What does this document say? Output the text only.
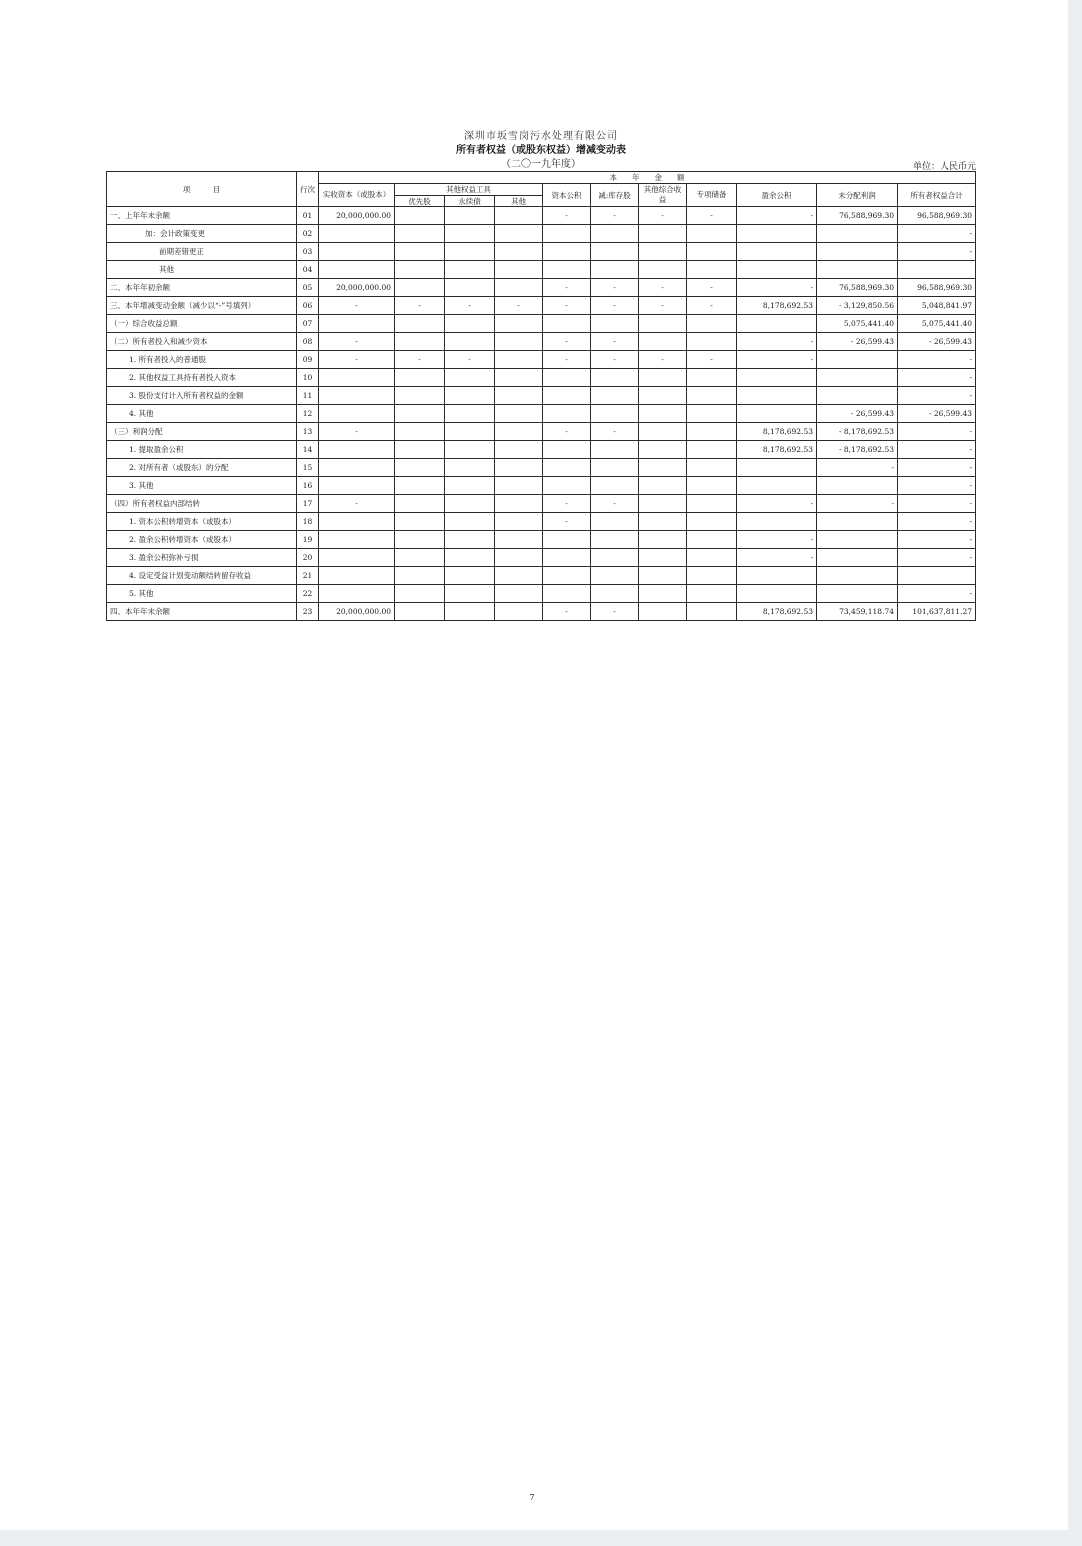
深圳市坂雪岗污水处理有限公司
所有者权益（或股东权益）增减变动表
（二〇一九年度）	单位：人民币元
项　　　目	行次	本　　年　　金　　额										
		实收资本（或股本）	其他权益工具			资本公积	减:库存股	其他综合收益	专项储备	盈余公积	未分配利润	所有者权益合计
			优先股	永续债	其他							
一、上年年末余额	01	20,000,000.00				-	-	-	-	-	76,588,969.30	96,588,969.30
加：会计政策变更	02											-
前期差错更正	03											-
其他	04											
二、本年年初余额	05	20,000,000.00				-	-	-	-	-	76,588,969.30	96,588,969.30
三、本年增减变动金额（减少以“-”号填列）	06	-	-	-	-	-	-	-	-	8,178,692.53	- 3,129,850.56	5,048,841.97
（一）综合收益总额	07										5,075,441.40	5,075,441.40
（二）所有者投入和减少资本	08	-				-	-			-	- 26,599.43	- 26,599.43
1. 所有者投入的普通股	09	-	-	-		-	-	-	-	-		-
2. 其他权益工具持有者投入资本	10											-
3. 股份支付计入所有者权益的金额	11											-
4. 其他	12										- 26,599.43	- 26,599.43
（三）利润分配	13	-				-	-			8,178,692.53	- 8,178,692.53	-
1. 提取盈余公积	14									8,178,692.53	- 8,178,692.53	-
2. 对所有者（或股东）的分配	15										-	-
3. 其他	16											-
（四）所有者权益内部结转	17	-				-	-			-	-	-
1. 资本公积转增资本（或股本）	18					-						-
2. 盈余公积转增资本（或股本）	19									-		-
3. 盈余公积弥补亏损	20									-		-
4. 设定受益计划变动额结转留存收益	21											
5. 其他	22											-
四、本年年末余额	23	20,000,000.00				-	-			8,178,692.53	73,459,118.74	101,637,811.27
7
